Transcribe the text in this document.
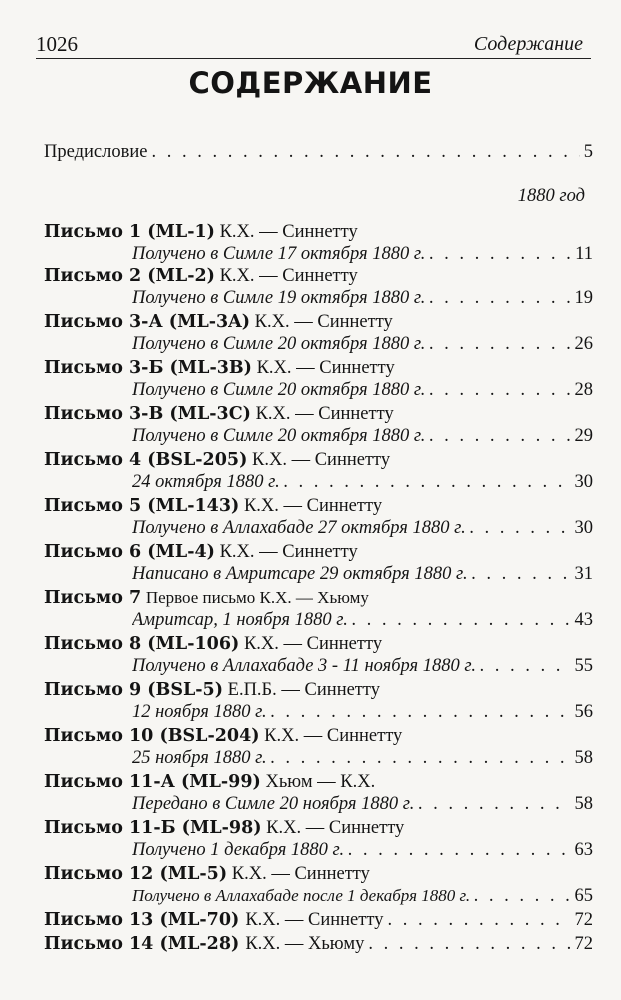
1026	Содержание
СОДЕРЖАНИЕ
Предисловие . . .	5
1880 год
Письмо 1 (ML-1) К.Х. — Синнетту
Получено в Симле 17 октября 1880 г. . . .	11
Письмо 2 (ML-2) К.Х. — Синнетту
Получено в Симле 19 октября 1880 г. . . .	19
Письмо 3-А (ML-3A) К.Х. — Синнетту
Получено в Симле 20 октября 1880 г. . . .	26
Письмо 3-Б (ML-3B) К.Х. — Синнетту
Получено в Симле 20 октября 1880 г. . . .	28
Письмо 3-В (ML-3C) К.Х. — Синнетту
Получено в Симле 20 октября 1880 г. . . .	29
Письмо 4 (BSL-205) К.Х. — Синнетту
24 октября 1880 г. . . .	30
Письмо 5 (ML-143) К.Х. — Синнетту
Получено в Аллахабаде 27 октября 1880 г. . . .	30
Письмо 6 (ML-4) К.Х. — Синнетту
Написано в Амритсаре 29 октября 1880 г. . . .	31
Письмо 7 Первое письмо К.Х. — Хьюму
Амритсар, 1 ноября 1880 г. . . .	43
Письмо 8 (ML-106) К.Х. — Синнетту
Получено в Аллахабаде 3 - 11 ноября 1880 г. . . .	55
Письмо 9 (BSL-5) Е.П.Б. — Синнетту
12 ноября 1880 г. . . .	56
Письмо 10 (BSL-204) К.Х. — Синнетту
25 ноября 1880 г. . . .	58
Письмо 11-А (ML-99) Хьюм — К.Х.
Передано в Симле 20 ноября 1880 г. . . .	58
Письмо 11-Б (ML-98) К.Х. — Синнетту
Получено 1 декабря 1880 г. . . .	63
Письмо 12 (ML-5) К.Х. — Синнетту
Получено в Аллахабаде после 1 декабря 1880 г. . . .	65
Письмо 13 (ML-70) К.Х. — Синнетту . . .	72
Письмо 14 (ML-28) К.Х. — Хьюму . . .	72
